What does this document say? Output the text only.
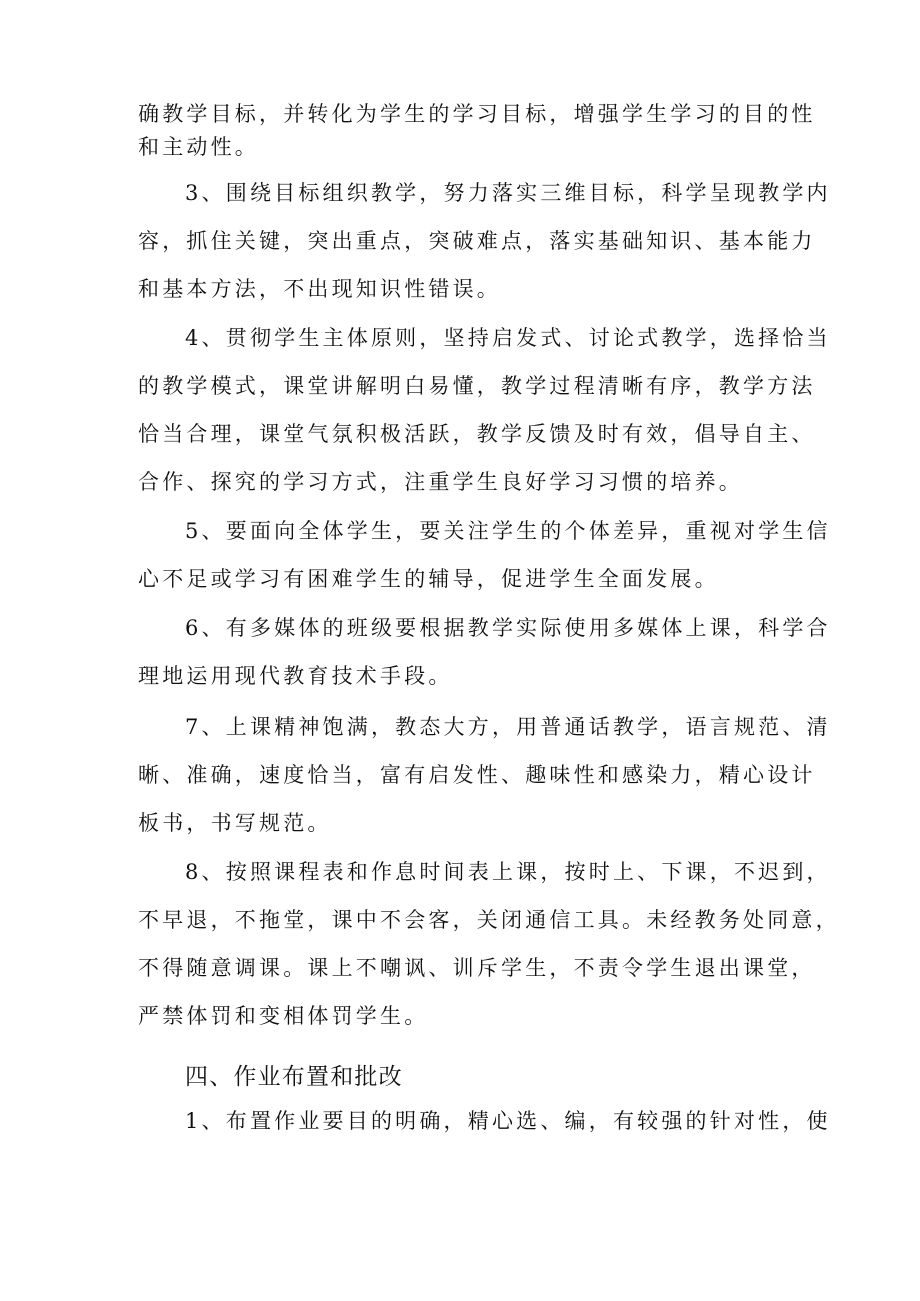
确教学目标，并转化为学生的学习目标，增强学生学习的目的性

和主动性。

3、围绕目标组织教学，努力落实三维目标，科学呈现教学内

容，抓住关键，突出重点，突破难点，落实基础知识、基本能力

和基本方法，不出现知识性错误。

4、贯彻学生主体原则，坚持启发式、讨论式教学，选择恰当

的教学模式，课堂讲解明白易懂，教学过程清晰有序，教学方法

恰当合理，课堂气氛积极活跃，教学反馈及时有效，倡导自主、

合作、探究的学习方式，注重学生良好学习习惯的培养。

5、要面向全体学生，要关注学生的个体差异，重视对学生信

心不足或学习有困难学生的辅导，促进学生全面发展。

6、有多媒体的班级要根据教学实际使用多媒体上课，科学合

理地运用现代教育技术手段。

7、上课精神饱满，教态大方，用普通话教学，语言规范、清

晰、准确，速度恰当，富有启发性、趣味性和感染力，精心设计

板书，书写规范。

8、按照课程表和作息时间表上课，按时上、下课，不迟到，

不早退，不拖堂，课中不会客，关闭通信工具。未经教务处同意，

不得随意调课。课上不嘲讽、训斥学生，不责令学生退出课堂，

严禁体罚和变相体罚学生。

四、作业布置和批改

1、布置作业要目的明确，精心选、编，有较强的针对性，使
